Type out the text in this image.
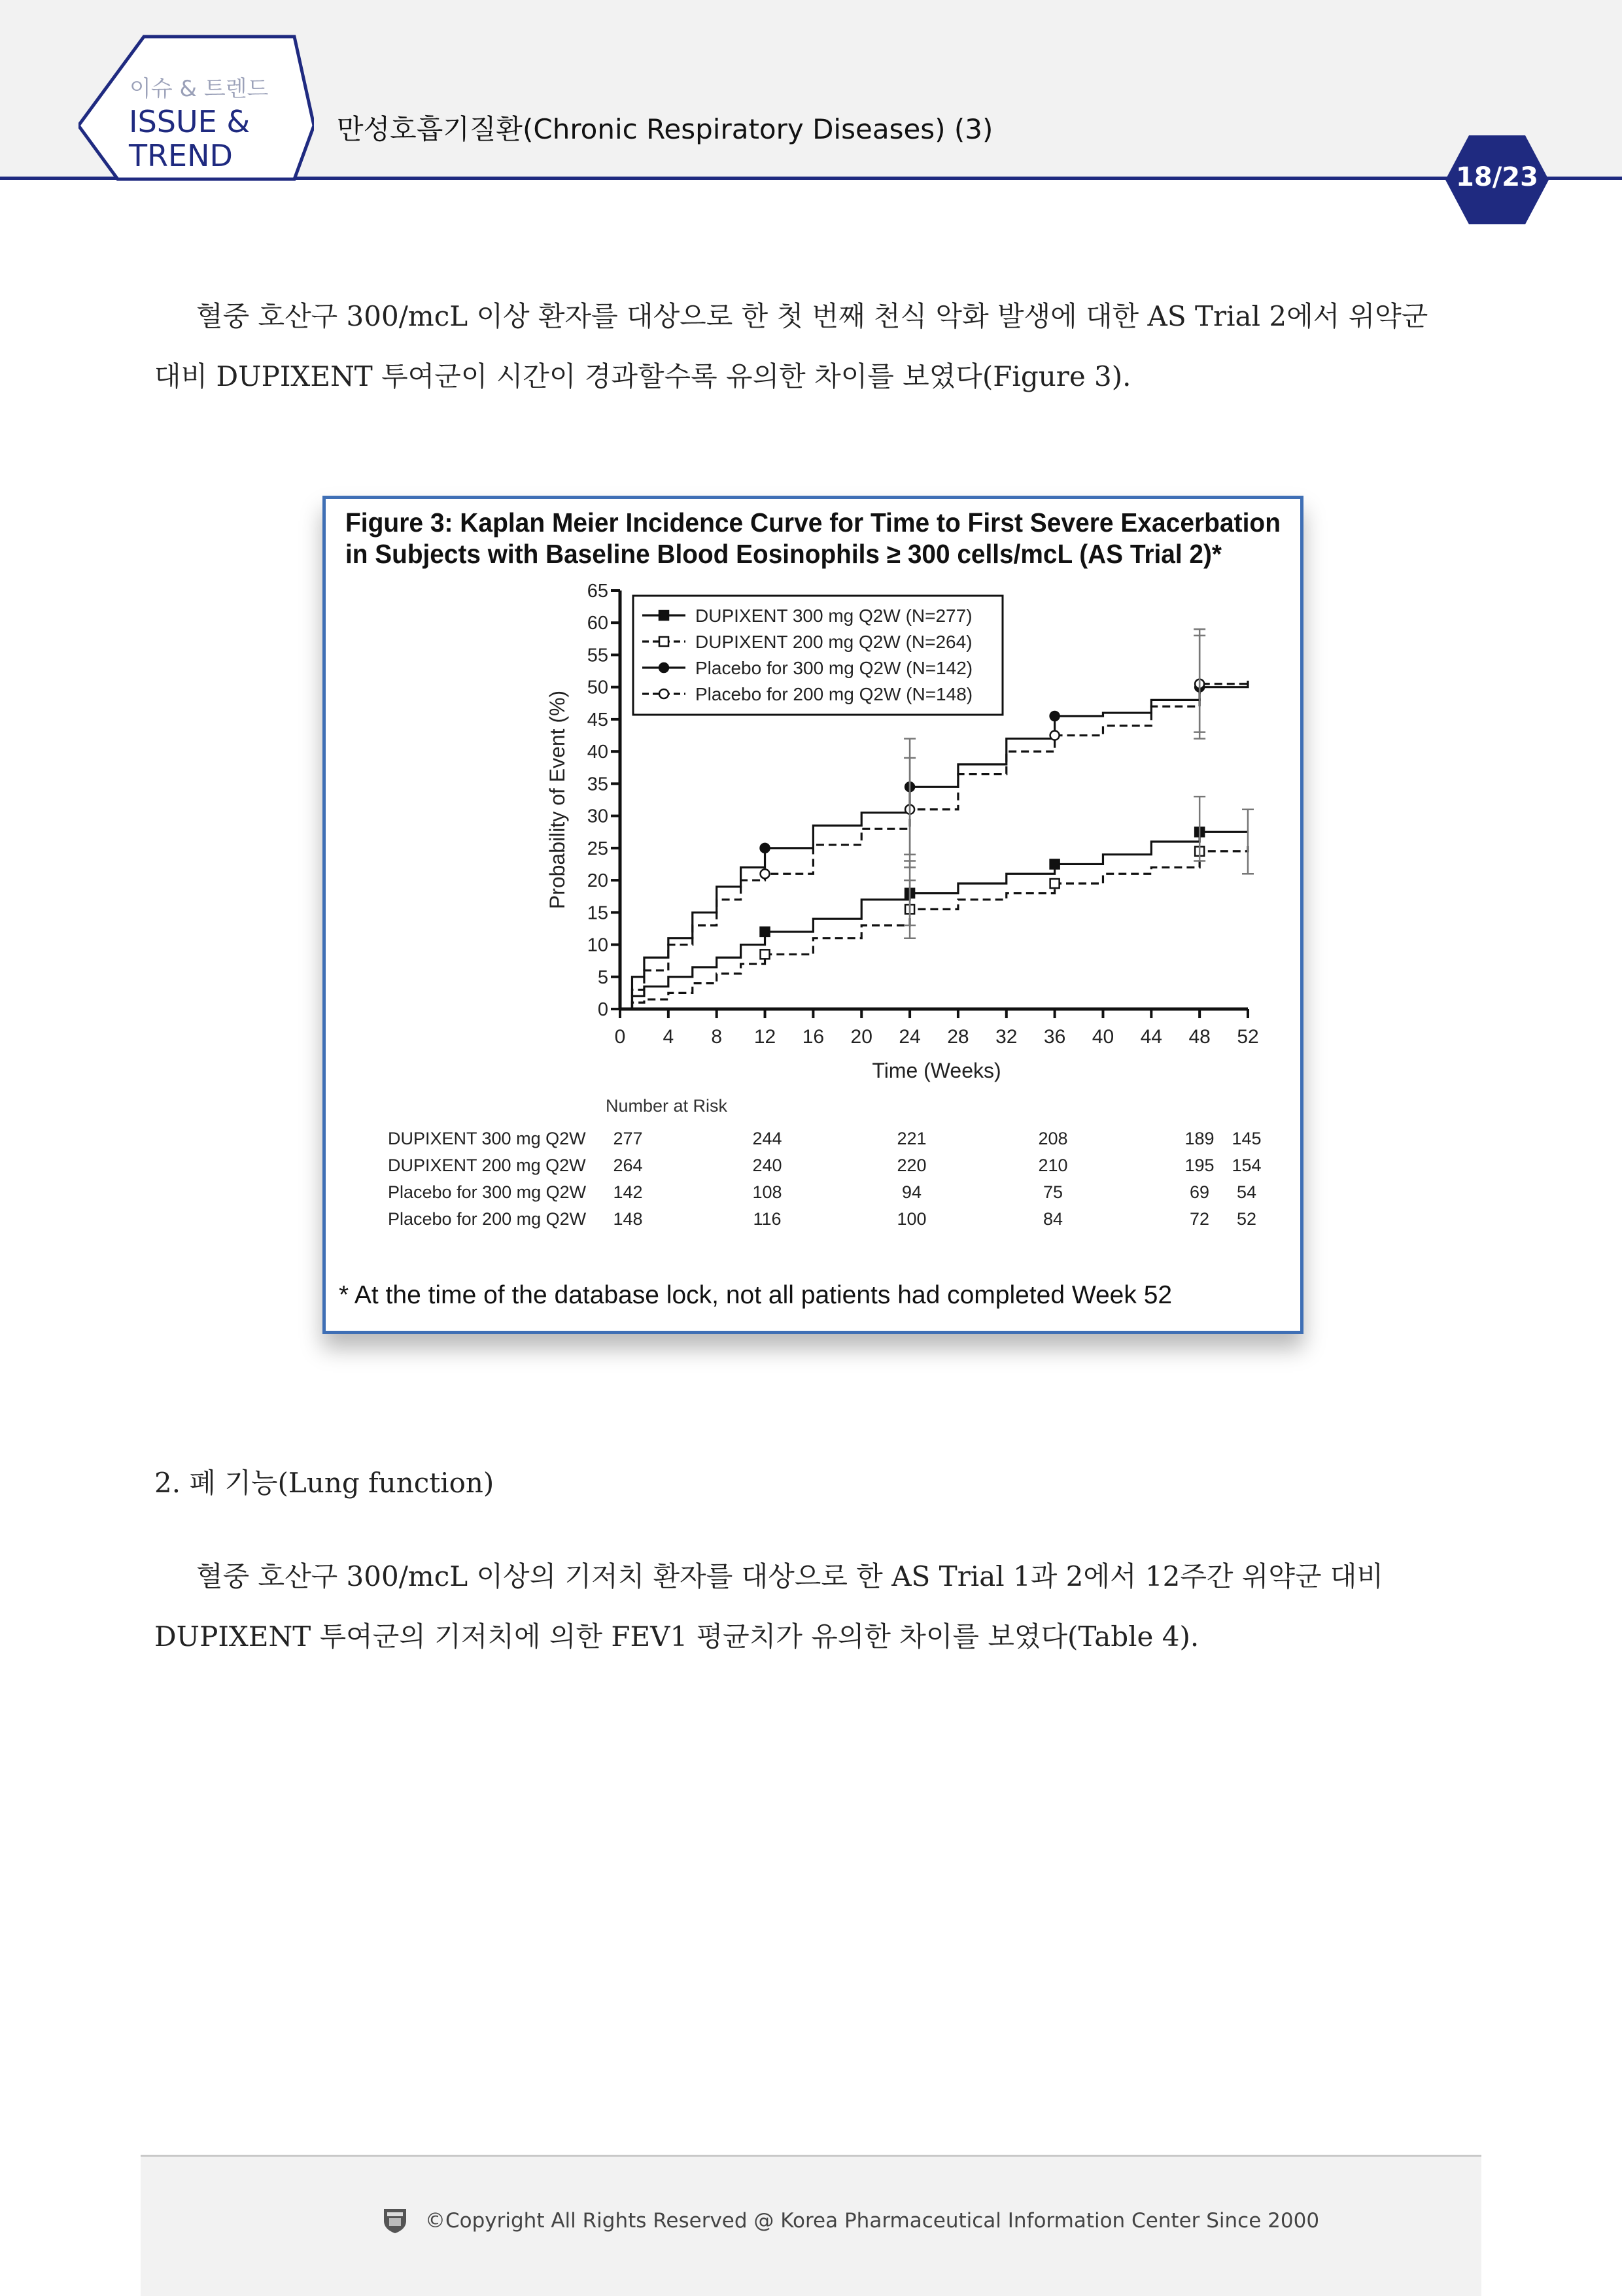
이슈 & 트렌드
ISSUE &
TREND
만성호흡기질환(Chronic Respiratory Diseases) (3)
18/23
혈중 호산구 300/mcL 이상 환자를 대상으로 한 첫 번째 천식 악화 발생에 대한 AS Trial 2에서 위약군
대비 DUPIXENT 투여군이 시간이 경과할수록 유의한 차이를 보였다(Figure 3).
Figure 3: Kaplan Meier Incidence Curve for Time to First Severe Exacerbation
in Subjects with Baseline Blood Eosinophils ≥ 300 cells/mcL (AS Trial 2)*
0
5
10
15
20
25
30
35
40
45
50
55
60
65
0 4 8 12 16 20 24 28 32 36 40 44 48 52
Time (Weeks)
Probability of Event (%)
DUPIXENT 300 mg Q2W (N=277)
DUPIXENT 200 mg Q2W (N=264)
Placebo for 300 mg Q2W (N=142)
Placebo for 200 mg Q2W (N=148)
Number at Risk
DUPIXENT 300 mg Q2W 277	244	221	208	189 145
DUPIXENT 200 mg Q2W 264	240	220	210	195 154
Placebo for 300 mg Q2W 142	108	94	75	69 54
Placebo for 200 mg Q2W 148	116	100	84	72 52
* At the time of the database lock, not all patients had completed Week 52
2. 폐 기능(Lung function)
혈중 호산구 300/mcL 이상의 기저치 환자를 대상으로 한 AS Trial 1과 2에서 12주간 위약군 대비
DUPIXENT 투여군의 기저치에 의한 FEV1 평균치가 유의한 차이를 보였다(Table 4).
©Copyright All Rights Reserved @ Korea Pharmaceutical Information Center Since 2000
